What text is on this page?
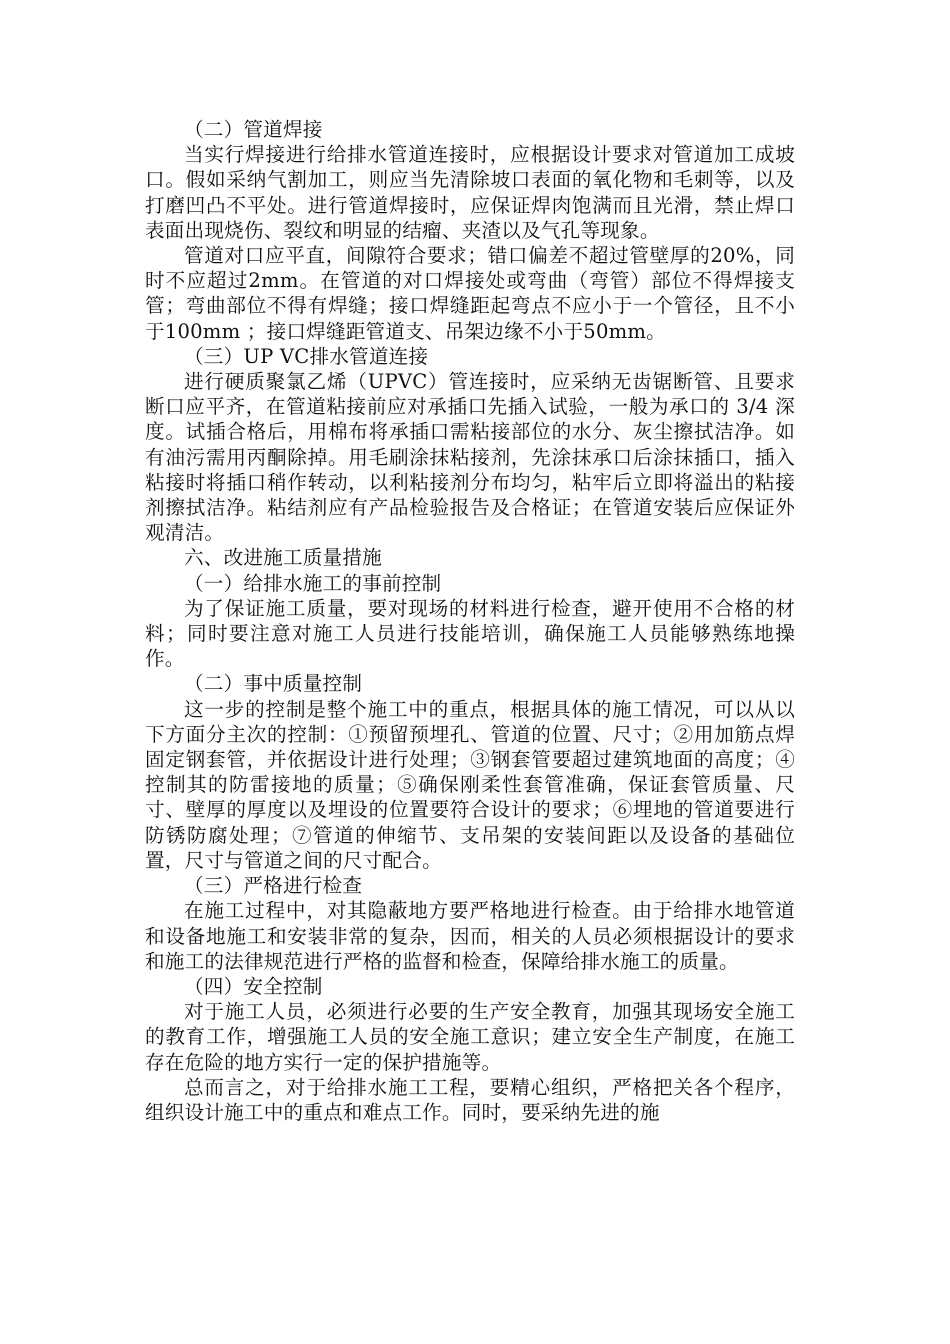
（二）管道焊接

当实行焊接进行给排水管道连接时，应根据设计要求对管道加工成坡口。假如采纳气割加工，则应当先清除坡口表面的氧化物和毛刺等，以及打磨凹凸不平处。进行管道焊接时，应保证焊肉饱满而且光滑，禁止焊口表面出现烧伤、裂纹和明显的结瘤、夹渣以及气孔等现象。

管道对口应平直，间隙符合要求；错口偏差不超过管壁厚的20%，同时不应超过2mm。在管道的对口焊接处或弯曲（弯管）部位不得焊接支管；弯曲部位不得有焊缝；接口焊缝距起弯点不应小于一个管径，且不小于100mm ；接口焊缝距管道支、吊架边缘不小于50mm。

（三）UP VC排水管道连接

进行硬质聚氯乙烯（UPVC）管连接时，应采纳无齿锯断管、且要求断口应平齐，在管道粘接前应对承插口先插入试验，一般为承口的 3/4 深度。试插合格后，用棉布将承插口需粘接部位的水分、灰尘擦拭洁净。如有油污需用丙酮除掉。用毛刷涂抹粘接剂，先涂抹承口后涂抹插口，插入粘接时将插口稍作转动，以利粘接剂分布均匀，粘牢后立即将溢出的粘接剂擦拭洁净。粘结剂应有产品检验报告及合格证；在管道安装后应保证外观清洁。

六、改进施工质量措施

（一）给排水施工的事前控制

为了保证施工质量，要对现场的材料进行检查，避开使用不合格的材料；同时要注意对施工人员进行技能培训，确保施工人员能够熟练地操作。

（二）事中质量控制

这一步的控制是整个施工中的重点，根据具体的施工情况，可以从以下方面分主次的控制：①预留预埋孔、管道的位置、尺寸；②用加筋点焊固定钢套管，并依据设计进行处理；③钢套管要超过建筑地面的高度；④控制其的防雷接地的质量；⑤确保刚柔性套管准确，保证套管质量、尺寸、壁厚的厚度以及埋设的位置要符合设计的要求；⑥埋地的管道要进行防锈防腐处理；⑦管道的伸缩节、支吊架的安装间距以及设备的基础位置，尺寸与管道之间的尺寸配合。

（三）严格进行检查

在施工过程中，对其隐蔽地方要严格地进行检查。由于给排水地管道和设备地施工和安装非常的复杂，因而，相关的人员必须根据设计的要求和施工的法律规范进行严格的监督和检查，保障给排水施工的质量。

（四）安全控制

对于施工人员，必须进行必要的生产安全教育，加强其现场安全施工的教育工作，增强施工人员的安全施工意识；建立安全生产制度，在施工存在危险的地方实行一定的保护措施等。

总而言之，对于给排水施工工程，要精心组织，严格把关各个程序，组织设计施工中的重点和难点工作。同时，要采纳先进的施
